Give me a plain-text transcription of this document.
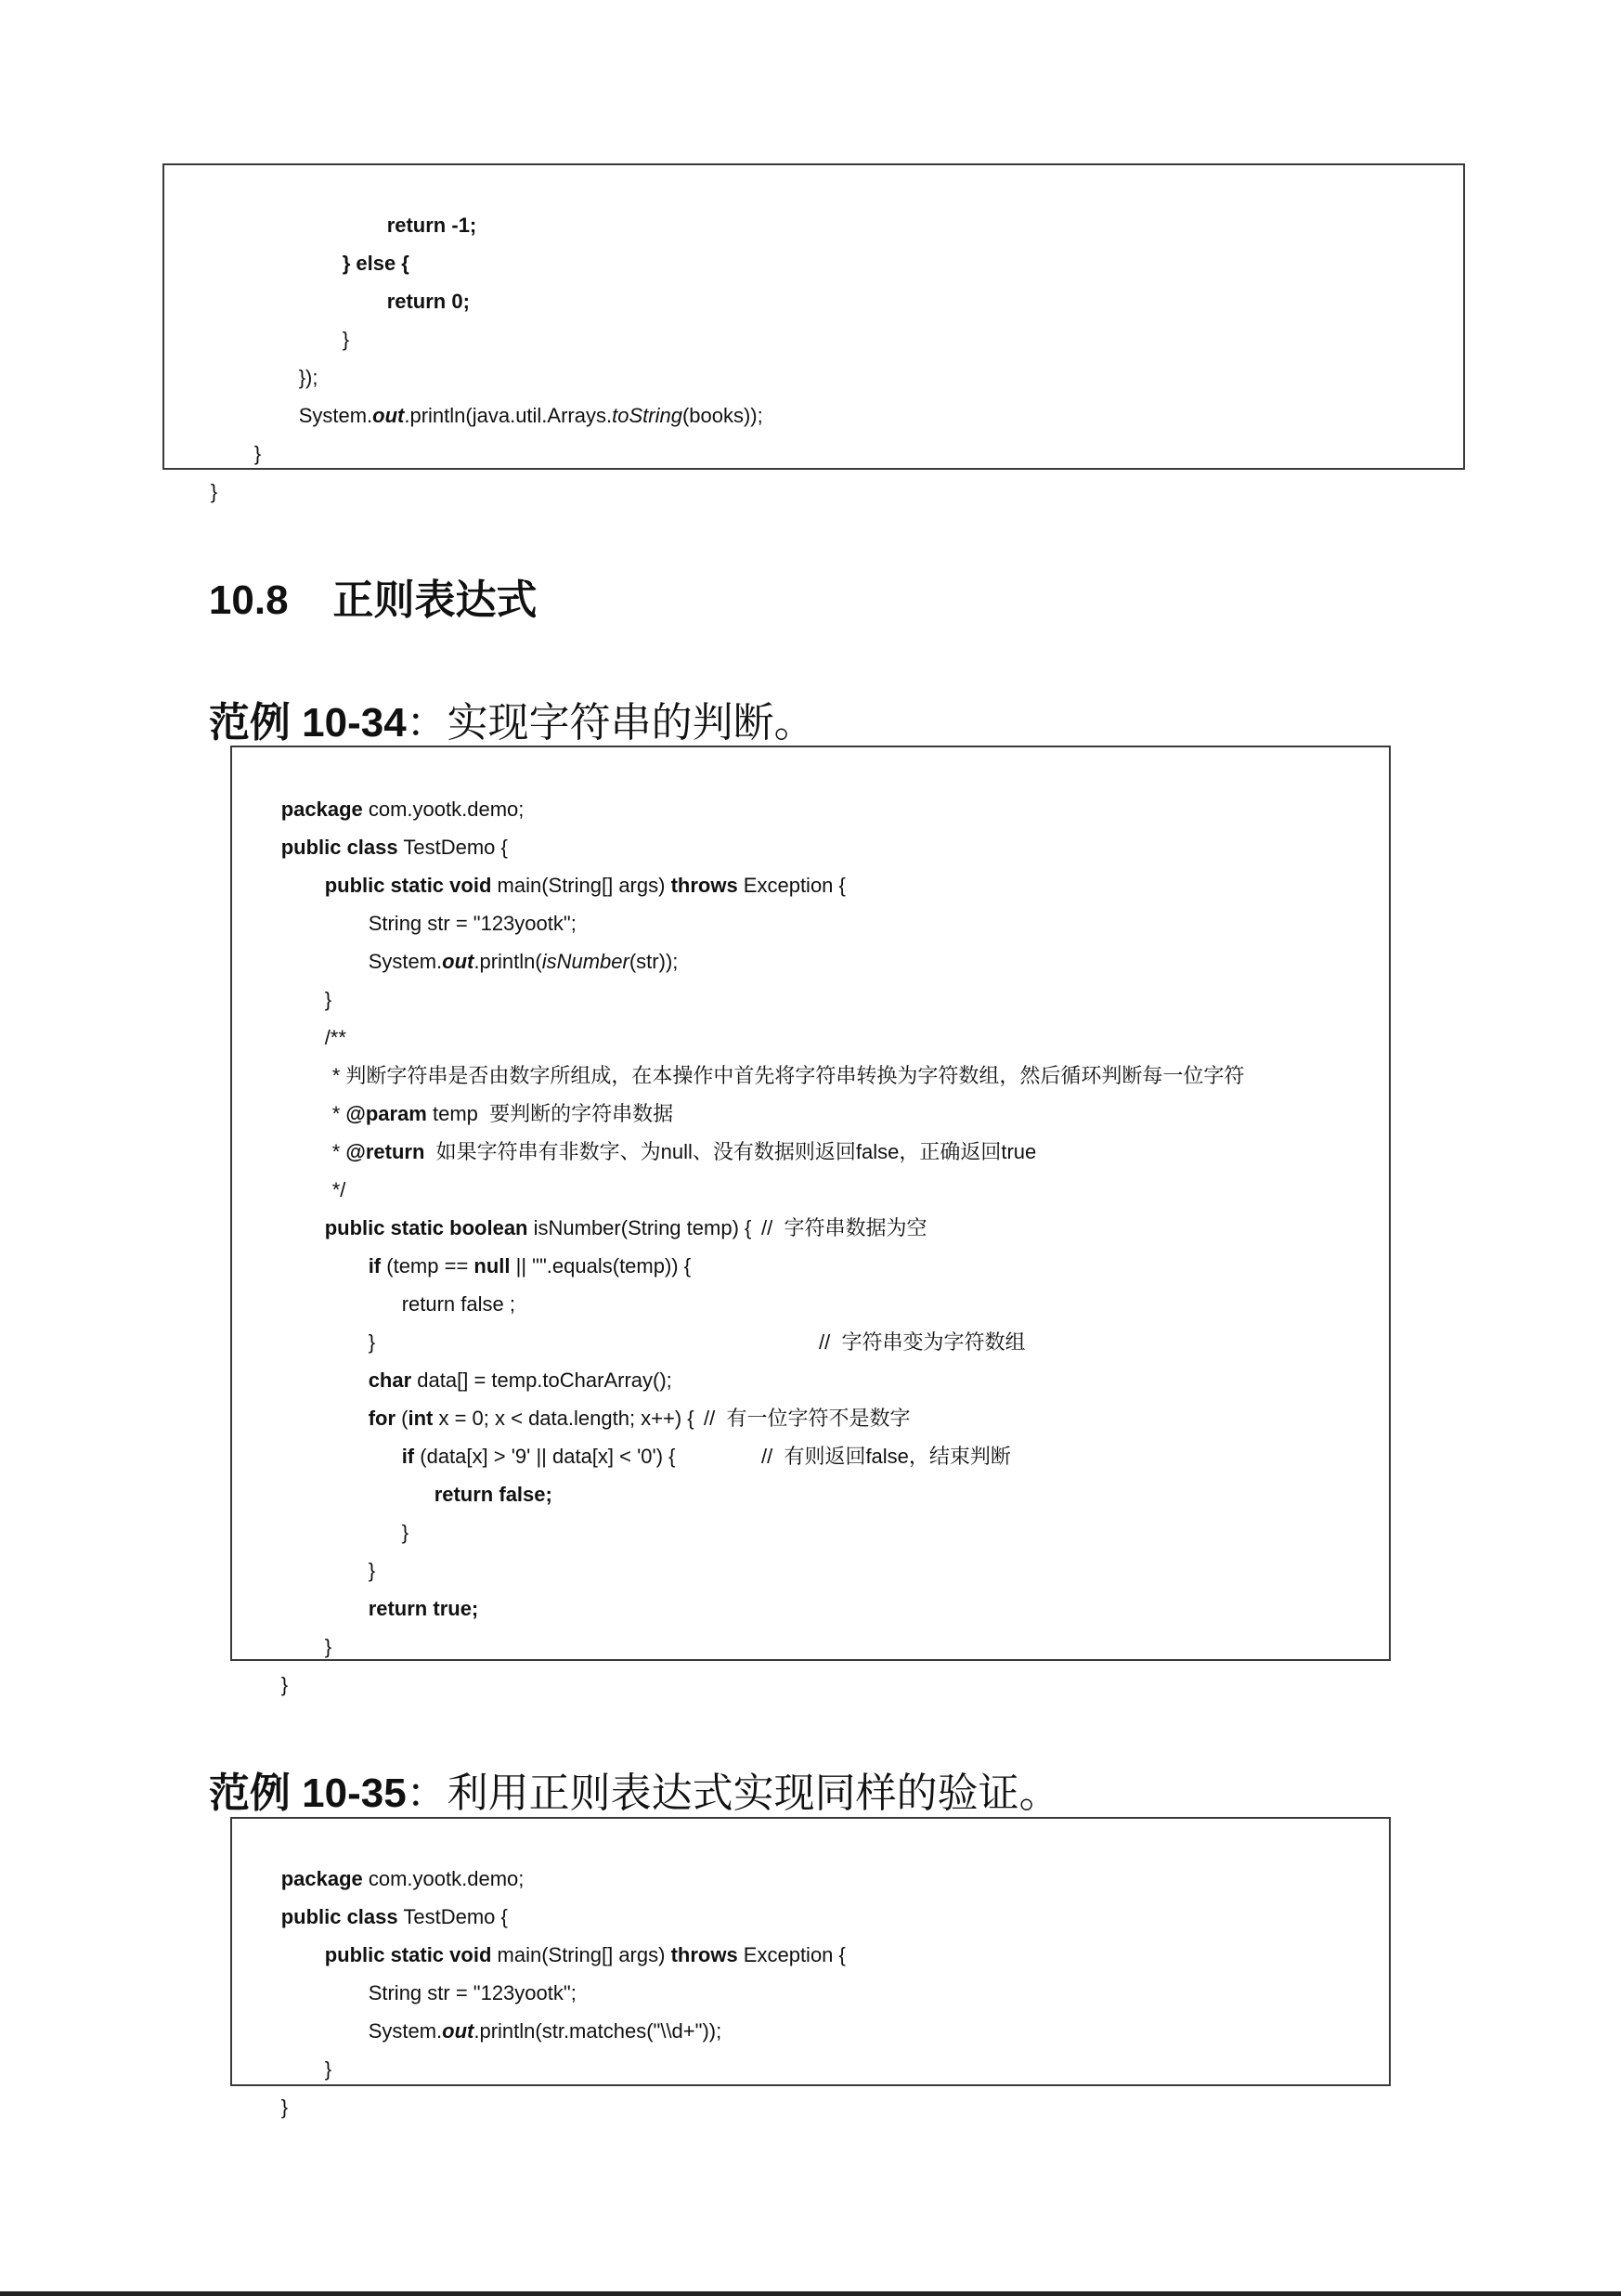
return -1;

} else {

return 0;

}

});

System.out.println(java.util.Arrays.toString(books));

}

}

10.8 正则表达式

范例 10-34：实现字符串的判断。

package com.yootk.demo;

public class TestDemo {

public static void main(String[] args) throws Exception {

String str = "123yootk";

System.out.println(isNumber(str));

}

/**

* 判断字符串是否由数字所组成，在本操作中首先将字符串转换为字符数组，然后循环判断每一位字符

* @param temp  要判断的字符串数据

* @return  如果字符串有非数字、为null、没有数据则返回false，正确返回true

*/

public static boolean isNumber(String temp) {

if (temp == null || "".equals(temp)) {

//  字符串数据为空

return false ;

}

char data[] = temp.toCharArray();

//  字符串变为字符数组

for (int x = 0; x < data.length; x++) {

if (data[x] > '9' || data[x] < '0') {

//  有一位字符不是数字

return false;

//  有则返回false，结束判断

}

}

return true;

}

}

范例 10-35：利用正则表达式实现同样的验证。

package com.yootk.demo;

public class TestDemo {

public static void main(String[] args) throws Exception {

String str = "123yootk";

System.out.println(str.matches("\\d+"));

}

}
